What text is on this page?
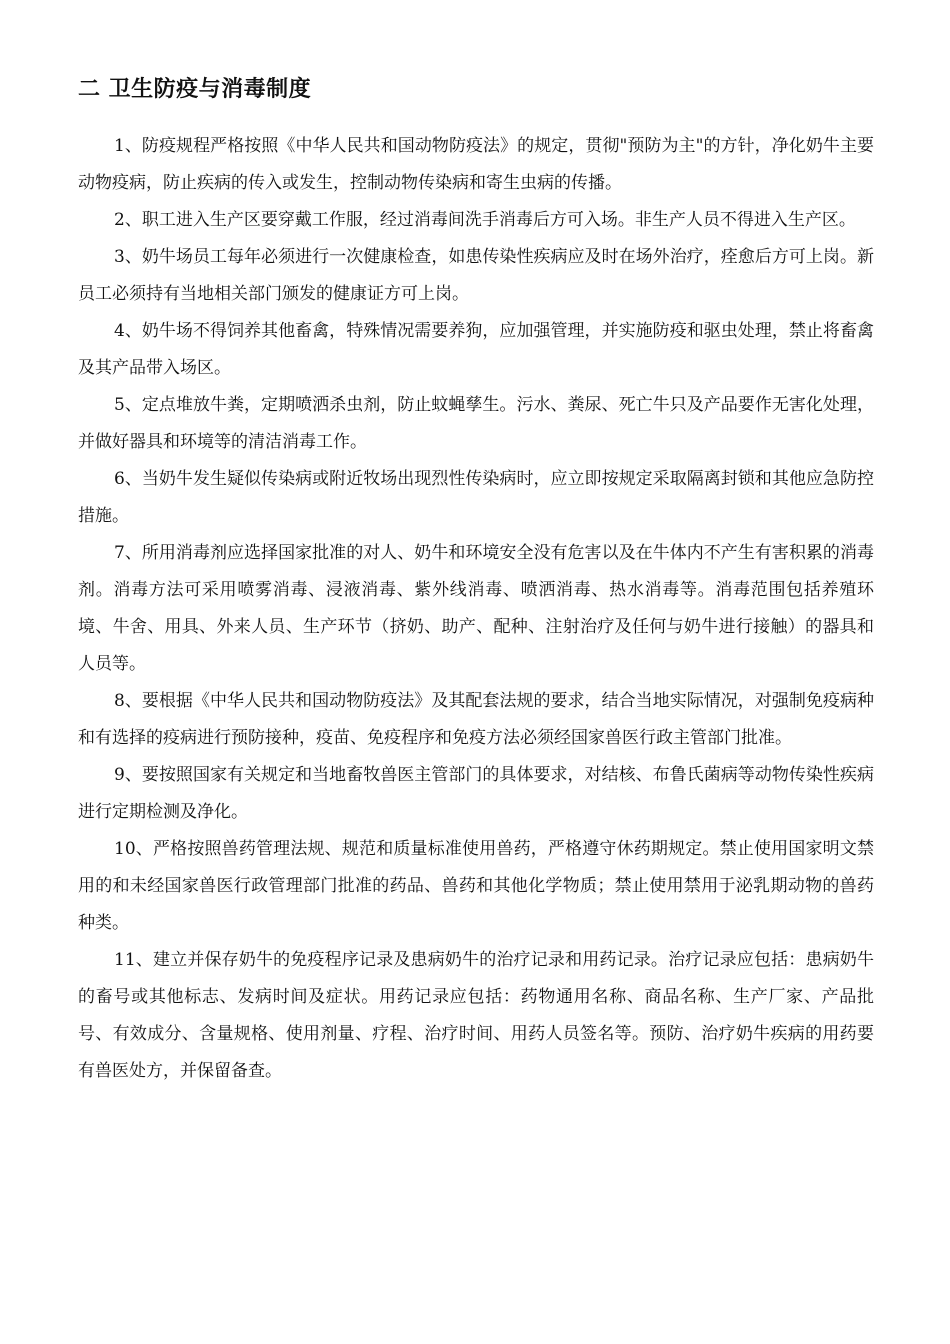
二 卫生防疫与消毒制度

1、防疫规程严格按照《中华人民共和国动物防疫法》的规定，贯彻"预防为主"的方针，净化奶牛主要动物疫病，防止疾病的传入或发生，控制动物传染病和寄生虫病的传播。

2、职工进入生产区要穿戴工作服，经过消毒间洗手消毒后方可入场。非生产人员不得进入生产区。

3、奶牛场员工每年必须进行一次健康检查，如患传染性疾病应及时在场外治疗，痊愈后方可上岗。新员工必须持有当地相关部门颁发的健康证方可上岗。

4、奶牛场不得饲养其他畜禽，特殊情况需要养狗，应加强管理，并实施防疫和驱虫处理，禁止将畜禽及其产品带入场区。

5、定点堆放牛粪，定期喷洒杀虫剂，防止蚊蝇孳生。污水、粪尿、死亡牛只及产品要作无害化处理，并做好器具和环境等的清洁消毒工作。

6、当奶牛发生疑似传染病或附近牧场出现烈性传染病时，应立即按规定采取隔离封锁和其他应急防控措施。

7、所用消毒剂应选择国家批准的对人、奶牛和环境安全没有危害以及在牛体内不产生有害积累的消毒剂。消毒方法可采用喷雾消毒、浸液消毒、紫外线消毒、喷洒消毒、热水消毒等。消毒范围包括养殖环境、牛舍、用具、外来人员、生产环节（挤奶、助产、配种、注射治疗及任何与奶牛进行接触）的器具和人员等。

8、要根据《中华人民共和国动物防疫法》及其配套法规的要求，结合当地实际情况，对强制免疫病种和有选择的疫病进行预防接种，疫苗、免疫程序和免疫方法必须经国家兽医行政主管部门批准。

9、要按照国家有关规定和当地畜牧兽医主管部门的具体要求，对结核、布鲁氏菌病等动物传染性疾病进行定期检测及净化。

10、严格按照兽药管理法规、规范和质量标准使用兽药，严格遵守休药期规定。禁止使用国家明文禁用的和未经国家兽医行政管理部门批准的药品、兽药和其他化学物质；禁止使用禁用于泌乳期动物的兽药种类。

11、建立并保存奶牛的免疫程序记录及患病奶牛的治疗记录和用药记录。治疗记录应包括：患病奶牛的畜号或其他标志、发病时间及症状。用药记录应包括：药物通用名称、商品名称、生产厂家、产品批号、有效成分、含量规格、使用剂量、疗程、治疗时间、用药人员签名等。预防、治疗奶牛疾病的用药要有兽医处方，并保留备查。
